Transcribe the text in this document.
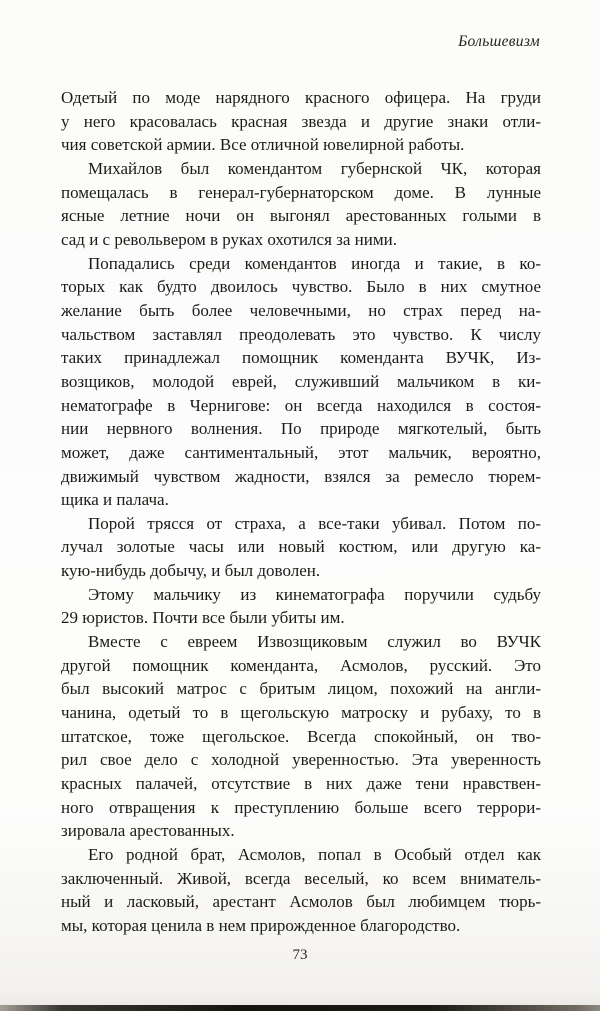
Большевизм

Одетый по моде нарядного красного офицера. На груди
у него красовалась красная звезда и другие знаки отли-
чия советской армии. Все отличной ювелирной работы.

Михайлов был комендантом губернской ЧК, которая
помещалась в генерал-губернаторском доме. В лунные
ясные летние ночи он выгонял арестованных голыми в
сад и с револьвером в руках охотился за ними.

Попадались среди комендантов иногда и такие, в ко-
торых как будто двоилось чувство. Было в них смутное
желание быть более человечными, но страх перед на-
чальством заставлял преодолевать это чувство. К числу
таких принадлежал помощник коменданта ВУЧК, Из-
возщиков, молодой еврей, служивший мальчиком в ки-
нематографе в Чернигове: он всегда находился в состоя-
нии нервного волнения. По природе мягкотелый, быть
может, даже сантиментальный, этот мальчик, вероятно,
движимый чувством жадности, взялся за ремесло тюрем-
щика и палача.

Порой трясся от страха, а все-таки убивал. Потом по-
лучал золотые часы или новый костюм, или другую ка-
кую-нибудь добычу, и был доволен.

Этому мальчику из кинематографа поручили судьбу
29 юристов. Почти все были убиты им.

Вместе с евреем Извозщиковым служил во ВУЧК
другой помощник коменданта, Асмолов, русский. Это
был высокий матрос с бритым лицом, похожий на англи-
чанина, одетый то в щегольскую матроску и рубаху, то в
штатское, тоже щегольское. Всегда спокойный, он тво-
рил свое дело с холодной уверенностью. Эта уверенность
красных палачей, отсутствие в них даже тени нравствен-
ного отвращения к преступлению больше всего террори-
зировала арестованных.

Его родной брат, Асмолов, попал в Особый отдел как
заключенный. Живой, всегда веселый, ко всем вниматель-
ный и ласковый, арестант Асмолов был любимцем тюрь-
мы, которая ценила в нем прирожденное благородство.

73
